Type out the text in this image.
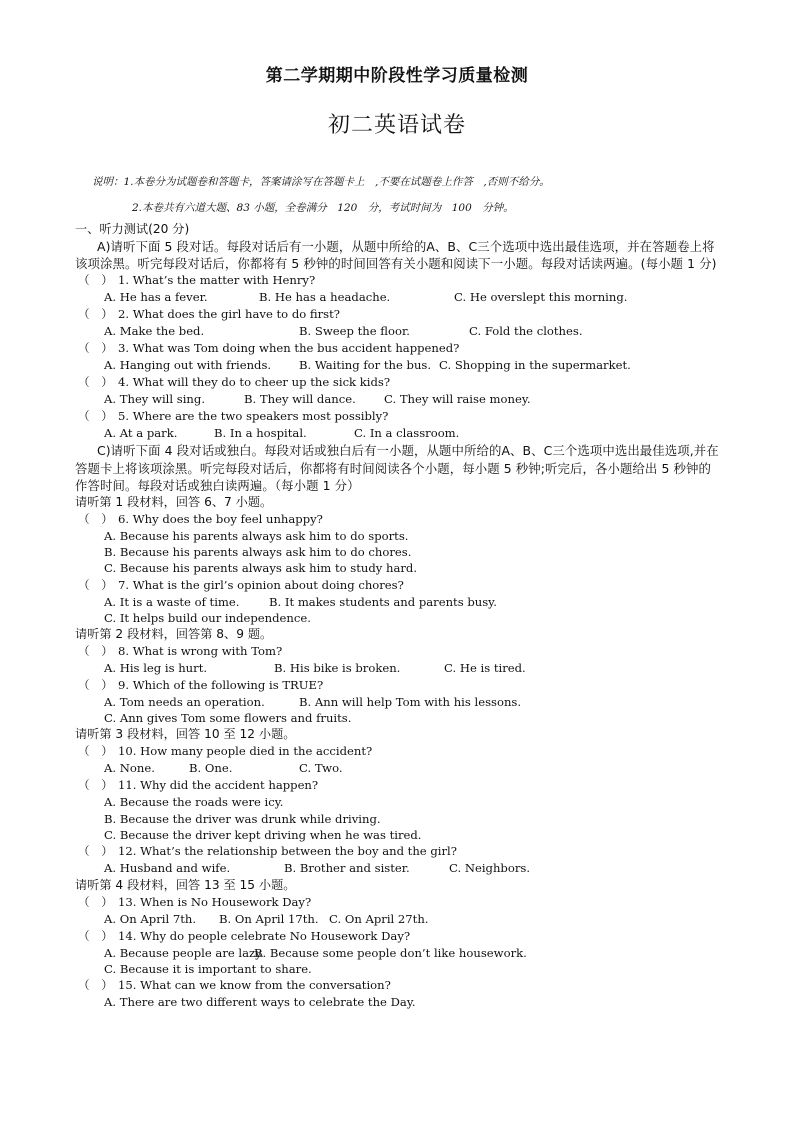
第二学期期中阶段性学习质量检测
初二英语试卷
说明：1.本卷分为试题卷和答题卡，答案请涂写在答题卡上　,不要在试题卷上作答　,否则不给分。
2.本卷共有六道大题、83 小题，全卷满分　120　分，考试时间为　100　分钟。
一、听力测试(20 分)
A)请听下面 5 段对话。每段对话后有一小题，从题中所给的A、B、C三个选项中选出最佳选项，并在答题卷上将该项涂黑。听完每段对话后，你都将有 5 秒钟的时间回答有关小题和阅读下一小题。每段对话读两遍。(每小题 1 分)
（　） 1. What’s the matter with Henry?
A. He has a fever.	B. He has a headache.	C. He overslept this morning.
（　） 2. What does the girl have to do first?
A. Make the bed.	B. Sweep the floor.	C. Fold the clothes.
（　） 3. What was Tom doing when the bus accident happened?
A. Hanging out with friends. B. Waiting for the bus. C. Shopping in the supermarket.
（　） 4. What will they do to cheer up the sick kids?
A. They will sing.	B. They will dance. C. They will raise money.
（　） 5. Where are the two speakers most possibly?
A. At a park.	B. In a hospital.	C. In a classroom.
C)请听下面 4 段对话或独白。每段对话或独白后有一小题，从题中所给的A、B、C三个选项中选出最佳选项,并在答题卡上将该项涂黑。听完每段对话后，你都将有时间阅读各个小题，每小题 5 秒钟;听完后，各小题给出 5 秒钟的作答时间。每段对话或独白读两遍。（每小题 1 分）
请听第 1 段材料，回答 6、7 小题。
（　） 6. Why does the boy feel unhappy?
A. Because his parents always ask him to do sports.
B. Because his parents always ask him to do chores.
C. Because his parents always ask him to study hard.
（　） 7. What is the girl’s opinion about doing chores?
A. It is a waste of time.	B. It makes students and parents busy.
C. It helps build our independence.
请听第 2 段材料，回答第 8、9 题。
（　） 8. What is wrong with Tom?
A. His leg is hurt.	B. His bike is broken.	C. He is tired.
（　） 9. Which of the following is TRUE?
A. Tom needs an operation.	B. Ann will help Tom with his lessons.
C. Ann gives Tom some flowers and fruits.
请听第 3 段材料，回答 10 至 12 小题。
（　） 10. How many people died in the accident?
A. None.	B. One.	C. Two.
（　） 11. Why did the accident happen?
A. Because the roads were icy.
B. Because the driver was drunk while driving.
C. Because the driver kept driving when he was tired.
（　） 12. What’s the relationship between the boy and the girl?
A. Husband and wife.	B. Brother and sister.	C. Neighbors.
请听第 4 段材料，回答 13 至 15 小题。
（　） 13. When is No Housework Day?
A. On April 7th. B. On April 17th. C. On April 27th.
（　） 14. Why do people celebrate No Housework Day?
A. Because people are lazy.B. Because some people don’t like housework.
C. Because it is important to share.
（　） 15. What can we know from the conversation?
A. There are two different ways to celebrate the Day.
